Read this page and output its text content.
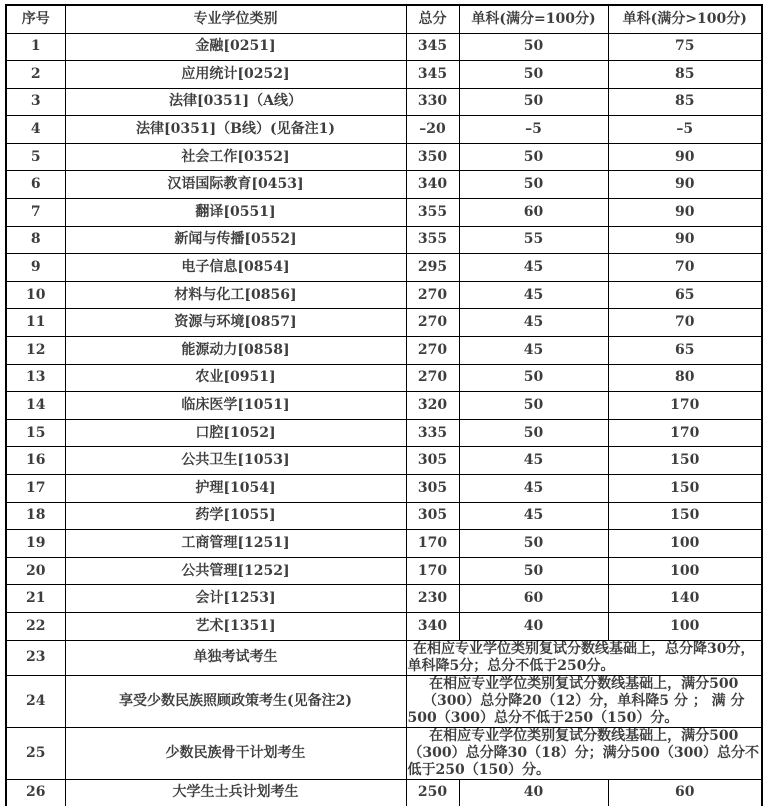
序号	专业学位类别	总分	单科(满分=100分)	单科(满分>100分)
1	金融[0251]	345	50	75
2	应用统计[0252]	345	50	85
3	法律[0351]（A线）	330	50	85
4	法律[0351]（B线）(见备注1)	–20	–5	–5
5	社会工作[0352]	350	50	90
6	汉语国际教育[0453]	340	50	90
7	翻译[0551]	355	60	90
8	新闻与传播[0552]	355	55	90
9	电子信息[0854]	295	45	70
10	材料与化工[0856]	270	45	65
11	资源与环境[0857]	270	45	70
12	能源动力[0858]	270	45	65
13	农业[0951]	270	50	80
14	临床医学[1051]	320	50	170
15	口腔[1052]	335	50	170
16	公共卫生[1053]	305	45	150
17	护理[1054]	305	45	150
18	药学[1055]	305	45	150
19	工商管理[1251]	170	50	100
20	公共管理[1252]	170	50	100
21	会计[1253]	230	60	140
22	艺术[1351]	340	40	100
23	单独考试考生	在相应专业学位类别复试分数线基础上，总分降30分，单科降5分；总分不低于250分。		
24	享受少数民族照顾政策考生(见备注2)	在相应专业学位类别复试分数线基础上，满分500（300）总分降20（12）分，单科降5 分 ； 满 分 500（300）总分不低于250（150）分。		
25	少数民族骨干计划考生	在相应专业学位类别复试分数线基础上，满分500（300）总分降30（18）分；满分500（300）总分不低于250（150）分。		
26	大学生士兵计划考生	250	40	60
